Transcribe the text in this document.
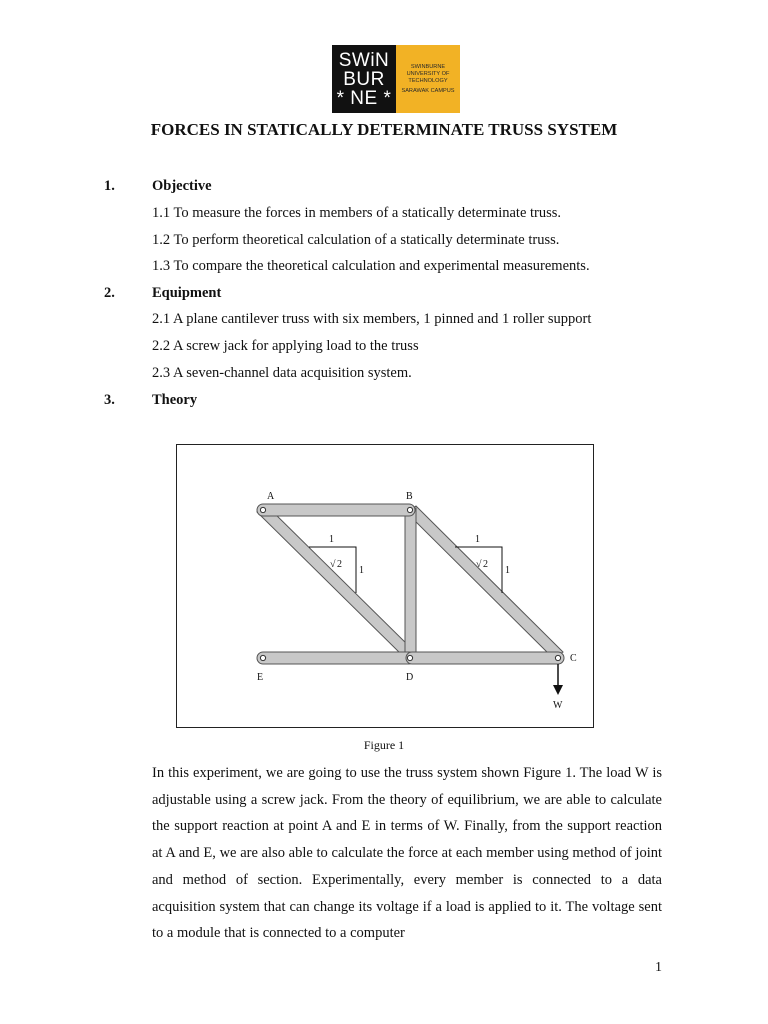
SWiN
BUR
* NE *
SWINBURNE
UNIVERSITY OF
TECHNOLOGY
SARAWAK CAMPUS
FORCES IN STATICALLY DETERMINATE TRUSS SYSTEM
1.	Objective
1.1 To measure the forces in members of a statically determinate truss.
1.2 To perform theoretical calculation of a statically determinate truss.
1.3 To compare the theoretical calculation and experimental measurements.
2.	Equipment
2.1 A plane cantilever truss with six members, 1 pinned and 1 roller support
2.2 A screw jack for applying load to the truss
2.3 A seven-channel data acquisition system.
3.	Theory
A	B
C
D
E
W
1
1
√ 2
1
1
√ 2
Figure 1
In this experiment, we are going to use the truss system shown Figure 1. The load W is adjustable using a screw jack. From the theory of equilibrium, we are able to calculate the support reaction at point A and E in terms of W. Finally, from the support reaction at A and E, we are also able to calculate the force at each member using method of joint and method of section. Experimentally, every member is connected to a data acquisition system that can change its voltage if a load is applied to it. The voltage sent to a module that is connected to a computer
1
